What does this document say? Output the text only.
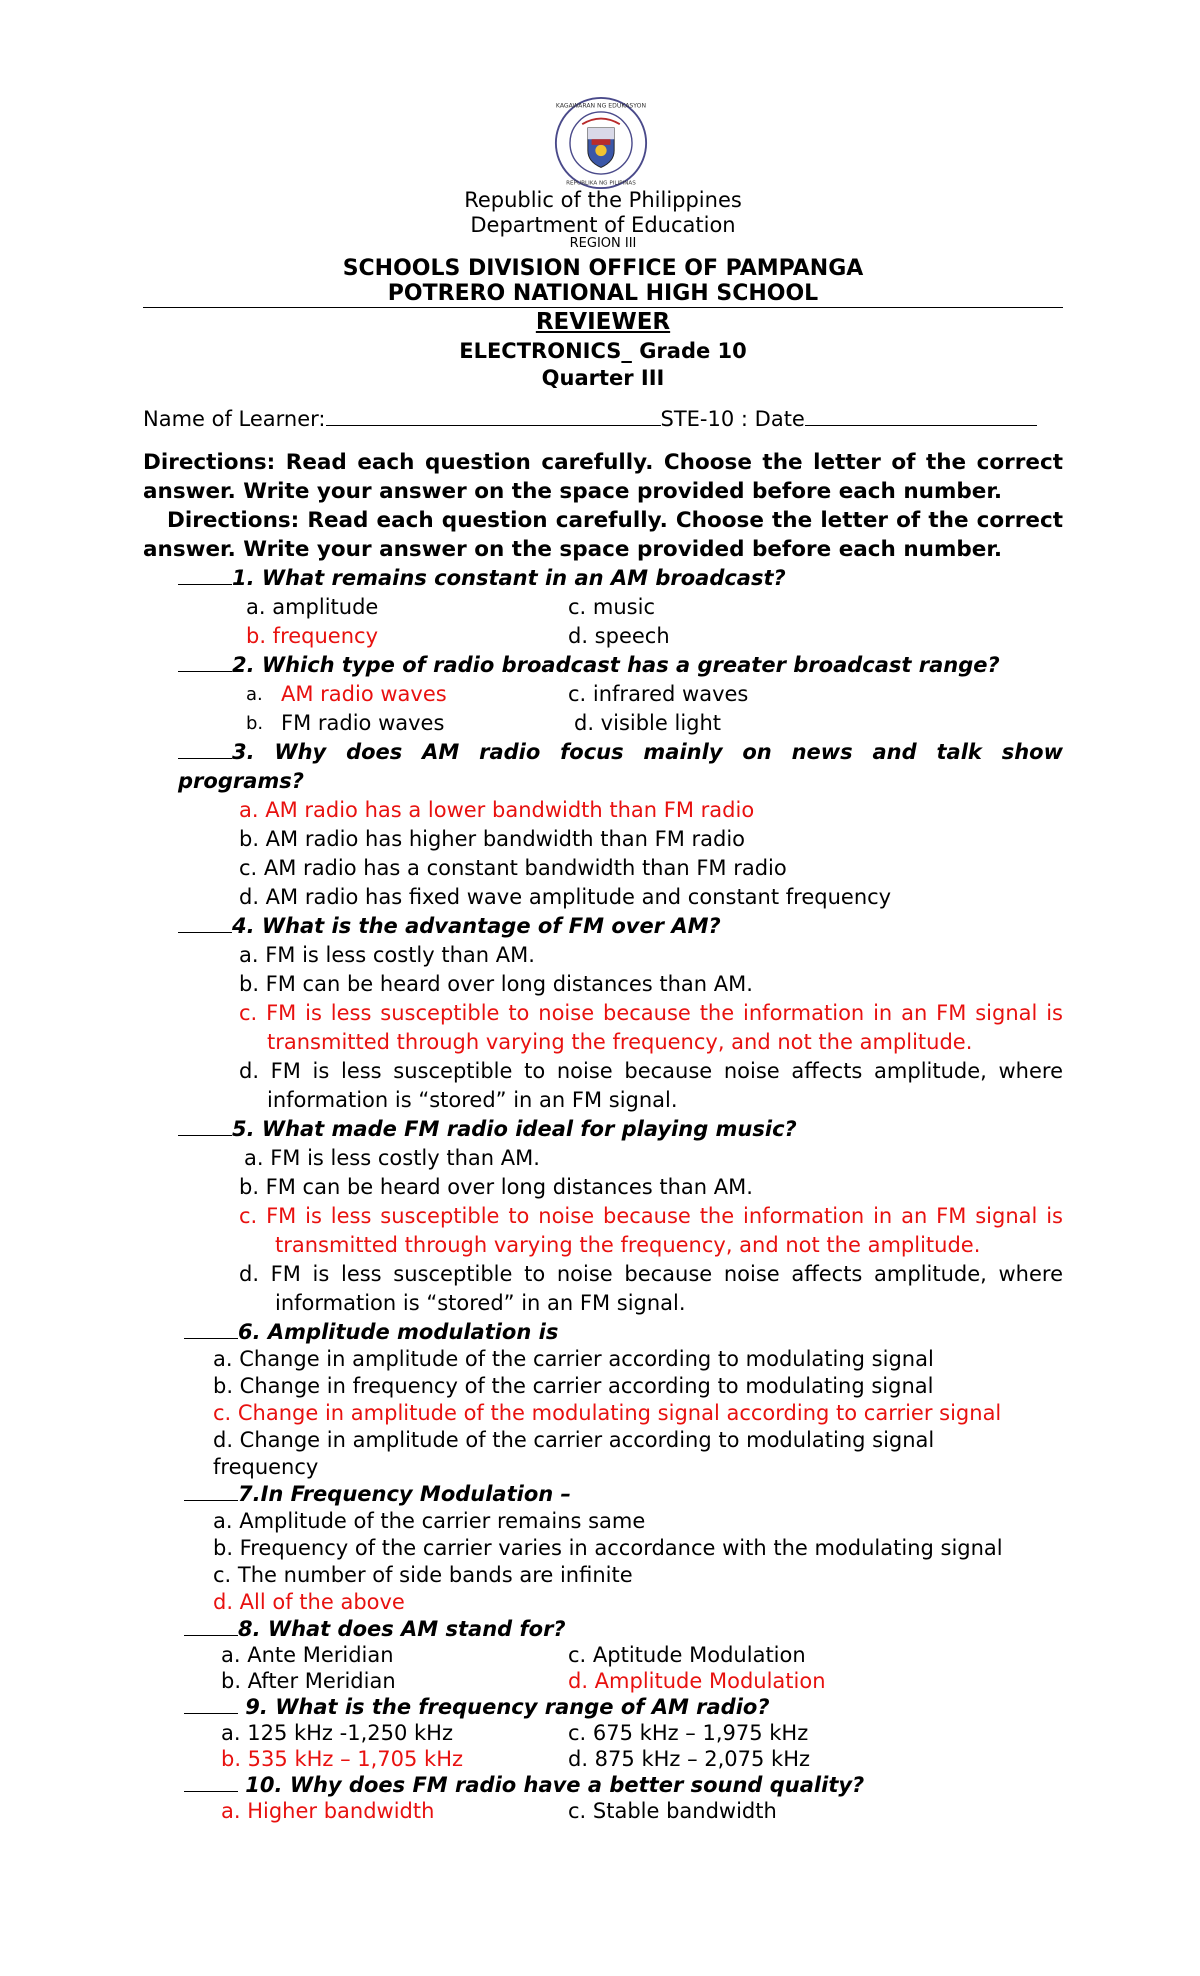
KAGAWARAN NG EDUKASYON
REPUBLIKA NG PILIPINAS
Republic of the Philippines
Department of Education
REGION III
SCHOOLS DIVISION OFFICE OF PAMPANGA
POTRERO NATIONAL HIGH SCHOOL
REVIEWER
ELECTRONICS_ Grade 10
Quarter III
Name of Learner:	STE-10 : Date
Directions: Read each question carefully. Choose the letter of the correct answer. Write your answer on the space provided before each number.
Directions: Read each question carefully. Choose the letter of the correct answer. Write your answer on the space provided before each number.
1. What remains constant in an AM broadcast?
a. amplitude
b. frequency
c. music
d. speech
2. Which type of radio broadcast has a greater broadcast range?
a. AM radio waves
b. FM radio waves
c. infrared waves
d. visible light
3. Why does AM radio focus mainly on news and talk show
programs?
a. AM radio has a lower bandwidth than FM radio
b. AM radio has higher bandwidth than FM radio
c. AM radio has a constant bandwidth than FM radio
d. AM radio has fixed wave amplitude and constant frequency
4. What is the advantage of FM over AM?
a. FM is less costly than AM.
b. FM can be heard over long distances than AM.
c. FM is less susceptible to noise because the information in an FM signal is
transmitted through varying the frequency, and not the amplitude.
d. FM is less susceptible to noise because noise affects amplitude, where
information is “stored” in an FM signal.
5. What made FM radio ideal for playing music?
a. FM is less costly than AM.
b. FM can be heard over long distances than AM.
c. FM is less susceptible to noise because the information in an FM signal is
transmitted through varying the frequency, and not the amplitude.
d. FM is less susceptible to noise because noise affects amplitude, where
information is “stored” in an FM signal.
6. Amplitude modulation is
a. Change in amplitude of the carrier according to modulating signal
b. Change in frequency of the carrier according to modulating signal
c. Change in amplitude of the modulating signal according to carrier signal
d. Change in amplitude of the carrier according to modulating signal
frequency
7.In Frequency Modulation –
a. Amplitude of the carrier remains same
b. Frequency of the carrier varies in accordance with the modulating signal
c. The number of side bands are infinite
d. All of the above
8. What does AM stand for?
a. Ante Meridian	c. Aptitude Modulation
b. After Meridian	d. Amplitude Modulation
9. What is the frequency range of AM radio?
a. 125 kHz -1,250 kHz	c. 675 kHz – 1,975 kHz
b. 535 kHz – 1,705 kHz	d. 875 kHz – 2,075 kHz
10. Why does FM radio have a better sound quality?
a. Higher bandwidth	c. Stable bandwidth
